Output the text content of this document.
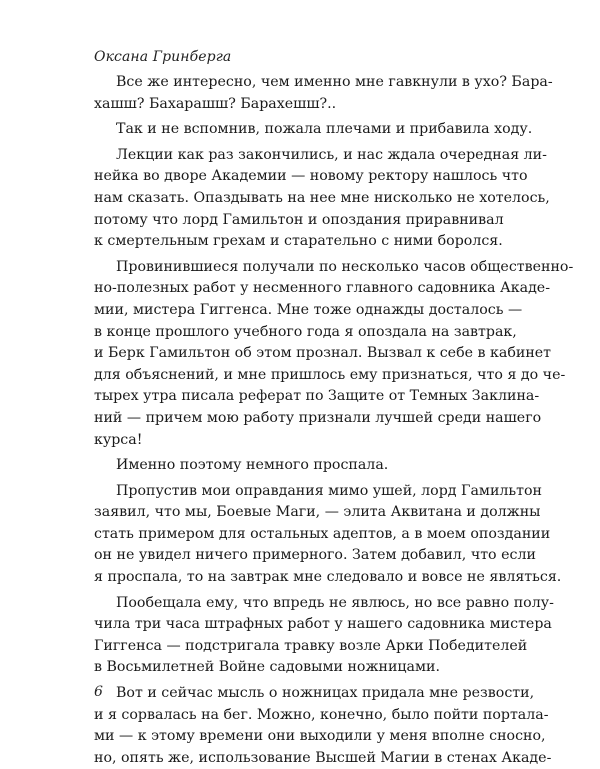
Оксана Гринберга
Все же интересно, чем именно мне гавкнули в ухо? Бара-
хашш? Бахарашш? Барахешш?..
Так и не вспомнив, пожала плечами и прибавила ходу.
Лекции как раз закончились, и нас ждала очередная ли-
нейка во дворе Академии — новому ректору нашлось что
нам сказать. Опаздывать на нее мне нисколько не хотелось,
потому что лорд Гамильтон и опоздания приравнивал
к смертельным грехам и старательно с ними боролся.
Провинившиеся получали по несколько часов общественно-
но-полезных работ у несменного главного садовника Акаде-
мии, мистера Гиггенса. Мне тоже однажды досталось —
в конце прошлого учебного года я опоздала на завтрак,
и Берк Гамильтон об этом прознал. Вызвал к себе в кабинет
для объяснений, и мне пришлось ему признаться, что я до че-
тырех утра писала реферат по Защите от Темных Заклина-
ний — причем мою работу признали лучшей среди нашего
курса!
Именно поэтому немного проспала.
Пропустив мои оправдания мимо ушей, лорд Гамильтон
заявил, что мы, Боевые Маги, — элита Аквитана и должны
стать примером для остальных адептов, а в моем опоздании
он не увидел ничего примерного. Затем добавил, что если
я проспала, то на завтрак мне следовало и вовсе не являться.
Пообещала ему, что впредь не явлюсь, но все равно полу-
чила три часа штрафных работ у нашего садовника мистера
Гиггенса — подстригала травку возле Арки Победителей
в Восьмилетней Войне садовыми ножницами.
Вот и сейчас мысль о ножницах придала мне резвости,
и я сорвалась на бег. Можно, конечно, было пойти портала-
ми — к этому времени они выходили у меня вполне сносно,
но, опять же, использование Высшей Магии в стенах Акаде-
6
